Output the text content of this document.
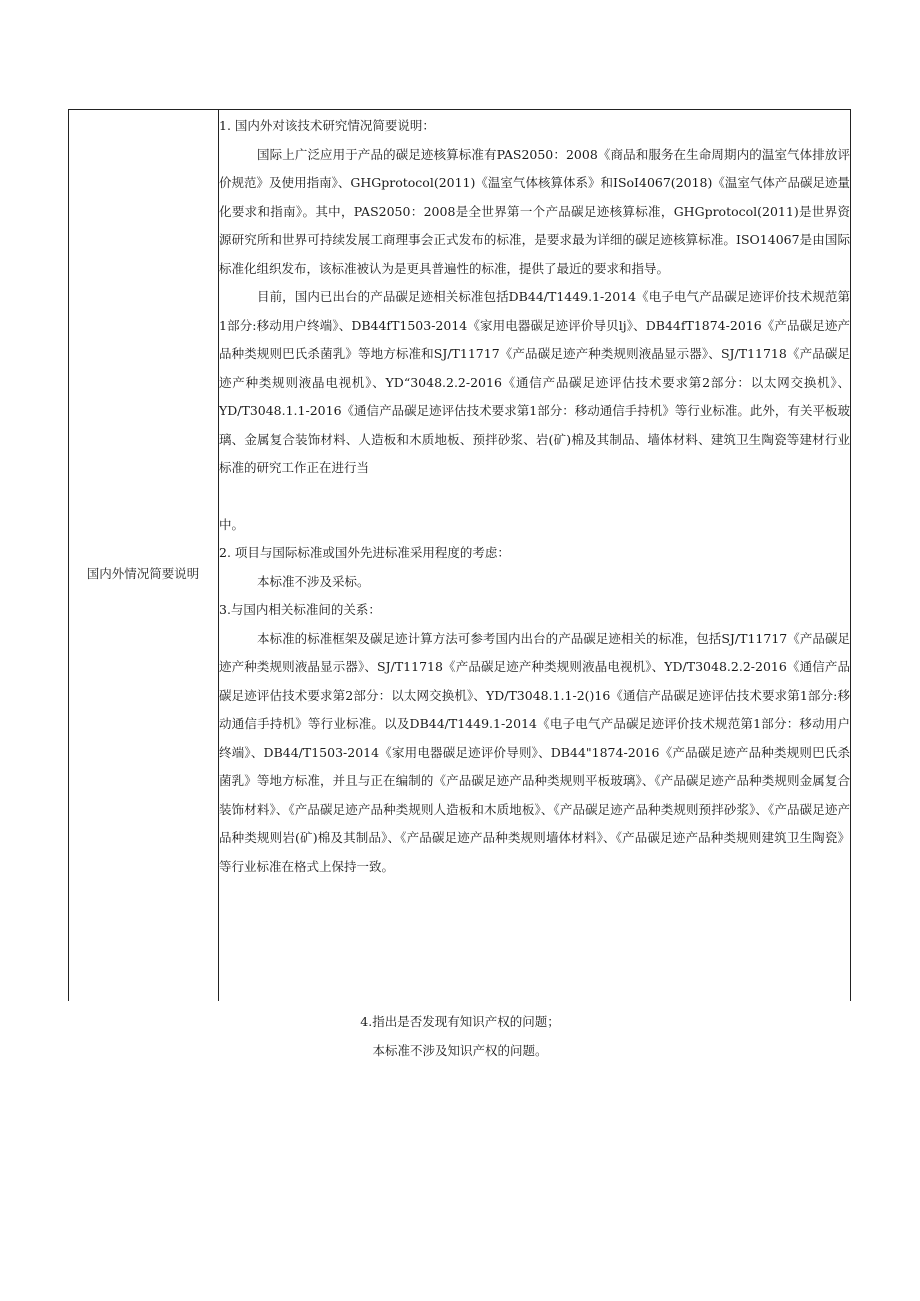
国内外情况简要说明

1. 国内外对该技术研究情况简要说明：

国际上广泛应用于产品的碳足迹核算标准有PAS2050：2008《商品和服务在生命周期内的温室气体排放评价规范》及使用指南》、GHGprotocol(2011)《温室气体核算体系》和ISoI4067(2018)《温室气体产品碳足迹量化要求和指南》。其中，PAS2050：2008是全世界第一个产品碳足迹核算标准，GHGprotocol(2011)是世界资源研究所和世界可持续发展工商理事会正式发布的标准，是要求最为详细的碳足迹核算标准。ISO14067是由国际标准化组织发布，该标准被认为是更具普遍性的标准，提供了最近的要求和指导。

目前，国内已出台的产品碳足迹相关标准包括DB44/T1449.1-2014《电子电气产品碳足迹评价技术规范第1部分:移动用户终端》、DB44fT1503-2014《家用电器碳足迹评价导贝lj》、DB44fT1874-2016《产品碳足迹产品种类规则巴氏杀菌乳》等地方标准和SJ/T11717《产品碳足迹产种类规则液晶显示器》、SJ/T11718《产品碳足迹产种类规则液晶电视机》、YD“3048.2.2-2016《通信产品碳足迹评估技术要求第2部分：以太网交换机》、YD/T3048.1.1-2016《通信产品碳足迹评估技术要求第1部分：移动通信手持机》等行业标准。此外，有关平板玻璃、金属复合装饰材料、人造板和木质地板、预拌砂浆、岩(矿)棉及其制品、墙体材料、建筑卫生陶瓷等建材行业标准的研究工作正在进行当

中。

2. 项目与国际标准或国外先进标准采用程度的考虑：

本标准不涉及采标。

3.与国内相关标准间的关系：

本标准的标准框架及碳足迹计算方法可参考国内出台的产品碳足迹相关的标准，包括SJ/T11717《产品碳足迹产种类规则液晶显示器》、SJ/T11718《产品碳足迹产种类规则液晶电视机》、YD/T3048.2.2-2016《通信产品碳足迹评估技术要求第2部分：以太网交换机》、YD/T3048.1.1-2()16《通信产品碳足迹评估技术要求第1部分:移动通信手持机》等行业标准。以及DB44/T1449.1-2014《电子电气产品碳足迹评价技术规范第1部分：移动用户终端》、DB44/T1503-2014《家用电器碳足迹评价导则》、DB44"1874-2016《产品碳足迹产品种类规则巴氏杀菌乳》等地方标准，并且与正在编制的《产品碳足迹产品种类规则平板玻璃》、《产品碳足迹产品种类规则金属复合装饰材料》、《产品碳足迹产品种类规则人造板和木质地板》、《产品碳足迹产品种类规则预拌砂浆》、《产品碳足迹产品种类规则岩(矿)棉及其制品》、《产品碳足迹产品种类规则墙体材料》、《产品碳足迹产品种类规则建筑卫生陶瓷》等行业标准在格式上保持一致。

4.指出是否发现有知识产权的问题；
本标准不涉及知识产权的问题。
